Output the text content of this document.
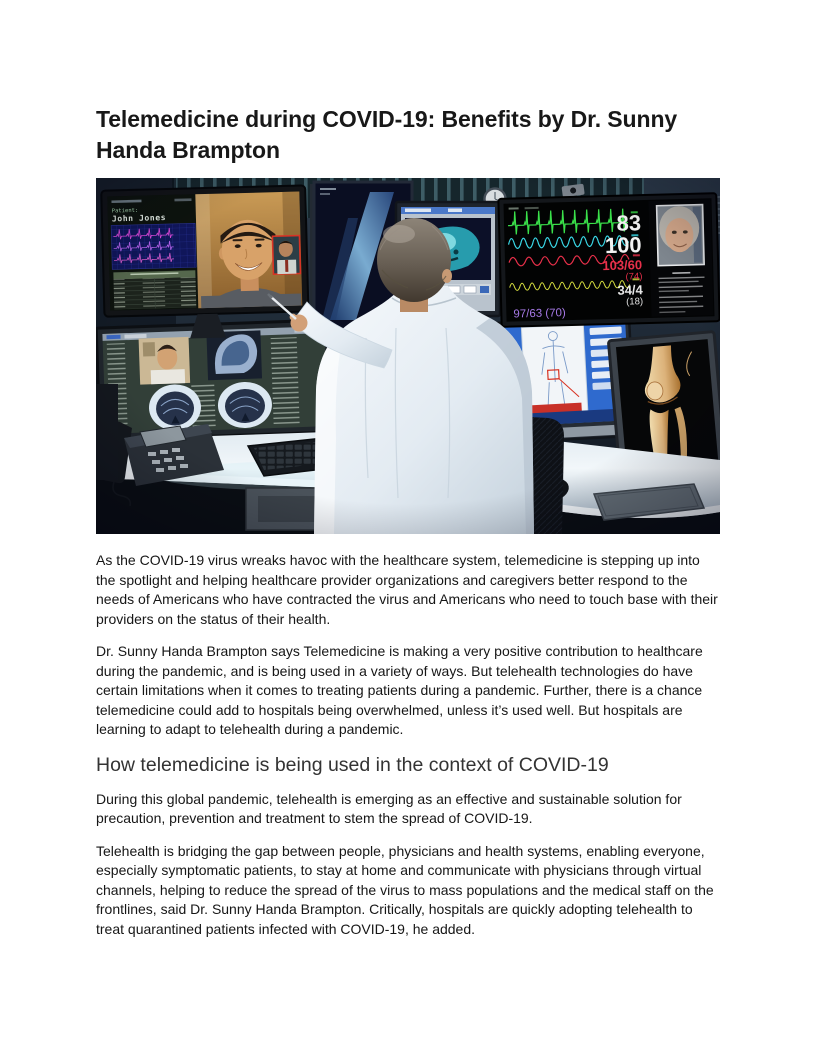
Telemedicine during COVID-19: Benefits by Dr. Sunny Handa Brampton

As the COVID-19 virus wreaks havoc with the healthcare system, telemedicine is stepping up into the spotlight and helping healthcare provider organizations and caregivers better respond to the needs of Americans who have contracted the virus and Americans who need to touch base with their providers on the status of their health.

Dr. Sunny Handa Brampton says Telemedicine is making a very positive contribution to healthcare during the pandemic, and is being used in a variety of ways. But telehealth technologies do have certain limitations when it comes to treating patients during a pandemic. Further, there is a chance telemedicine could add to hospitals being overwhelmed, unless it’s used well. But hospitals are learning to adapt to telehealth during a pandemic.

How telemedicine is being used in the context of COVID-19

During this global pandemic, telehealth is emerging as an effective and sustainable solution for precaution, prevention and treatment to stem the spread of COVID-19.

Telehealth is bridging the gap between people, physicians and health systems, enabling everyone, especially symptomatic patients, to stay at home and communicate with physicians through virtual channels, helping to reduce the spread of the virus to mass populations and the medical staff on the frontlines, said Dr. Sunny Handa Brampton. Critically, hospitals are quickly adopting telehealth to treat quarantined patients infected with COVID-19, he added.
